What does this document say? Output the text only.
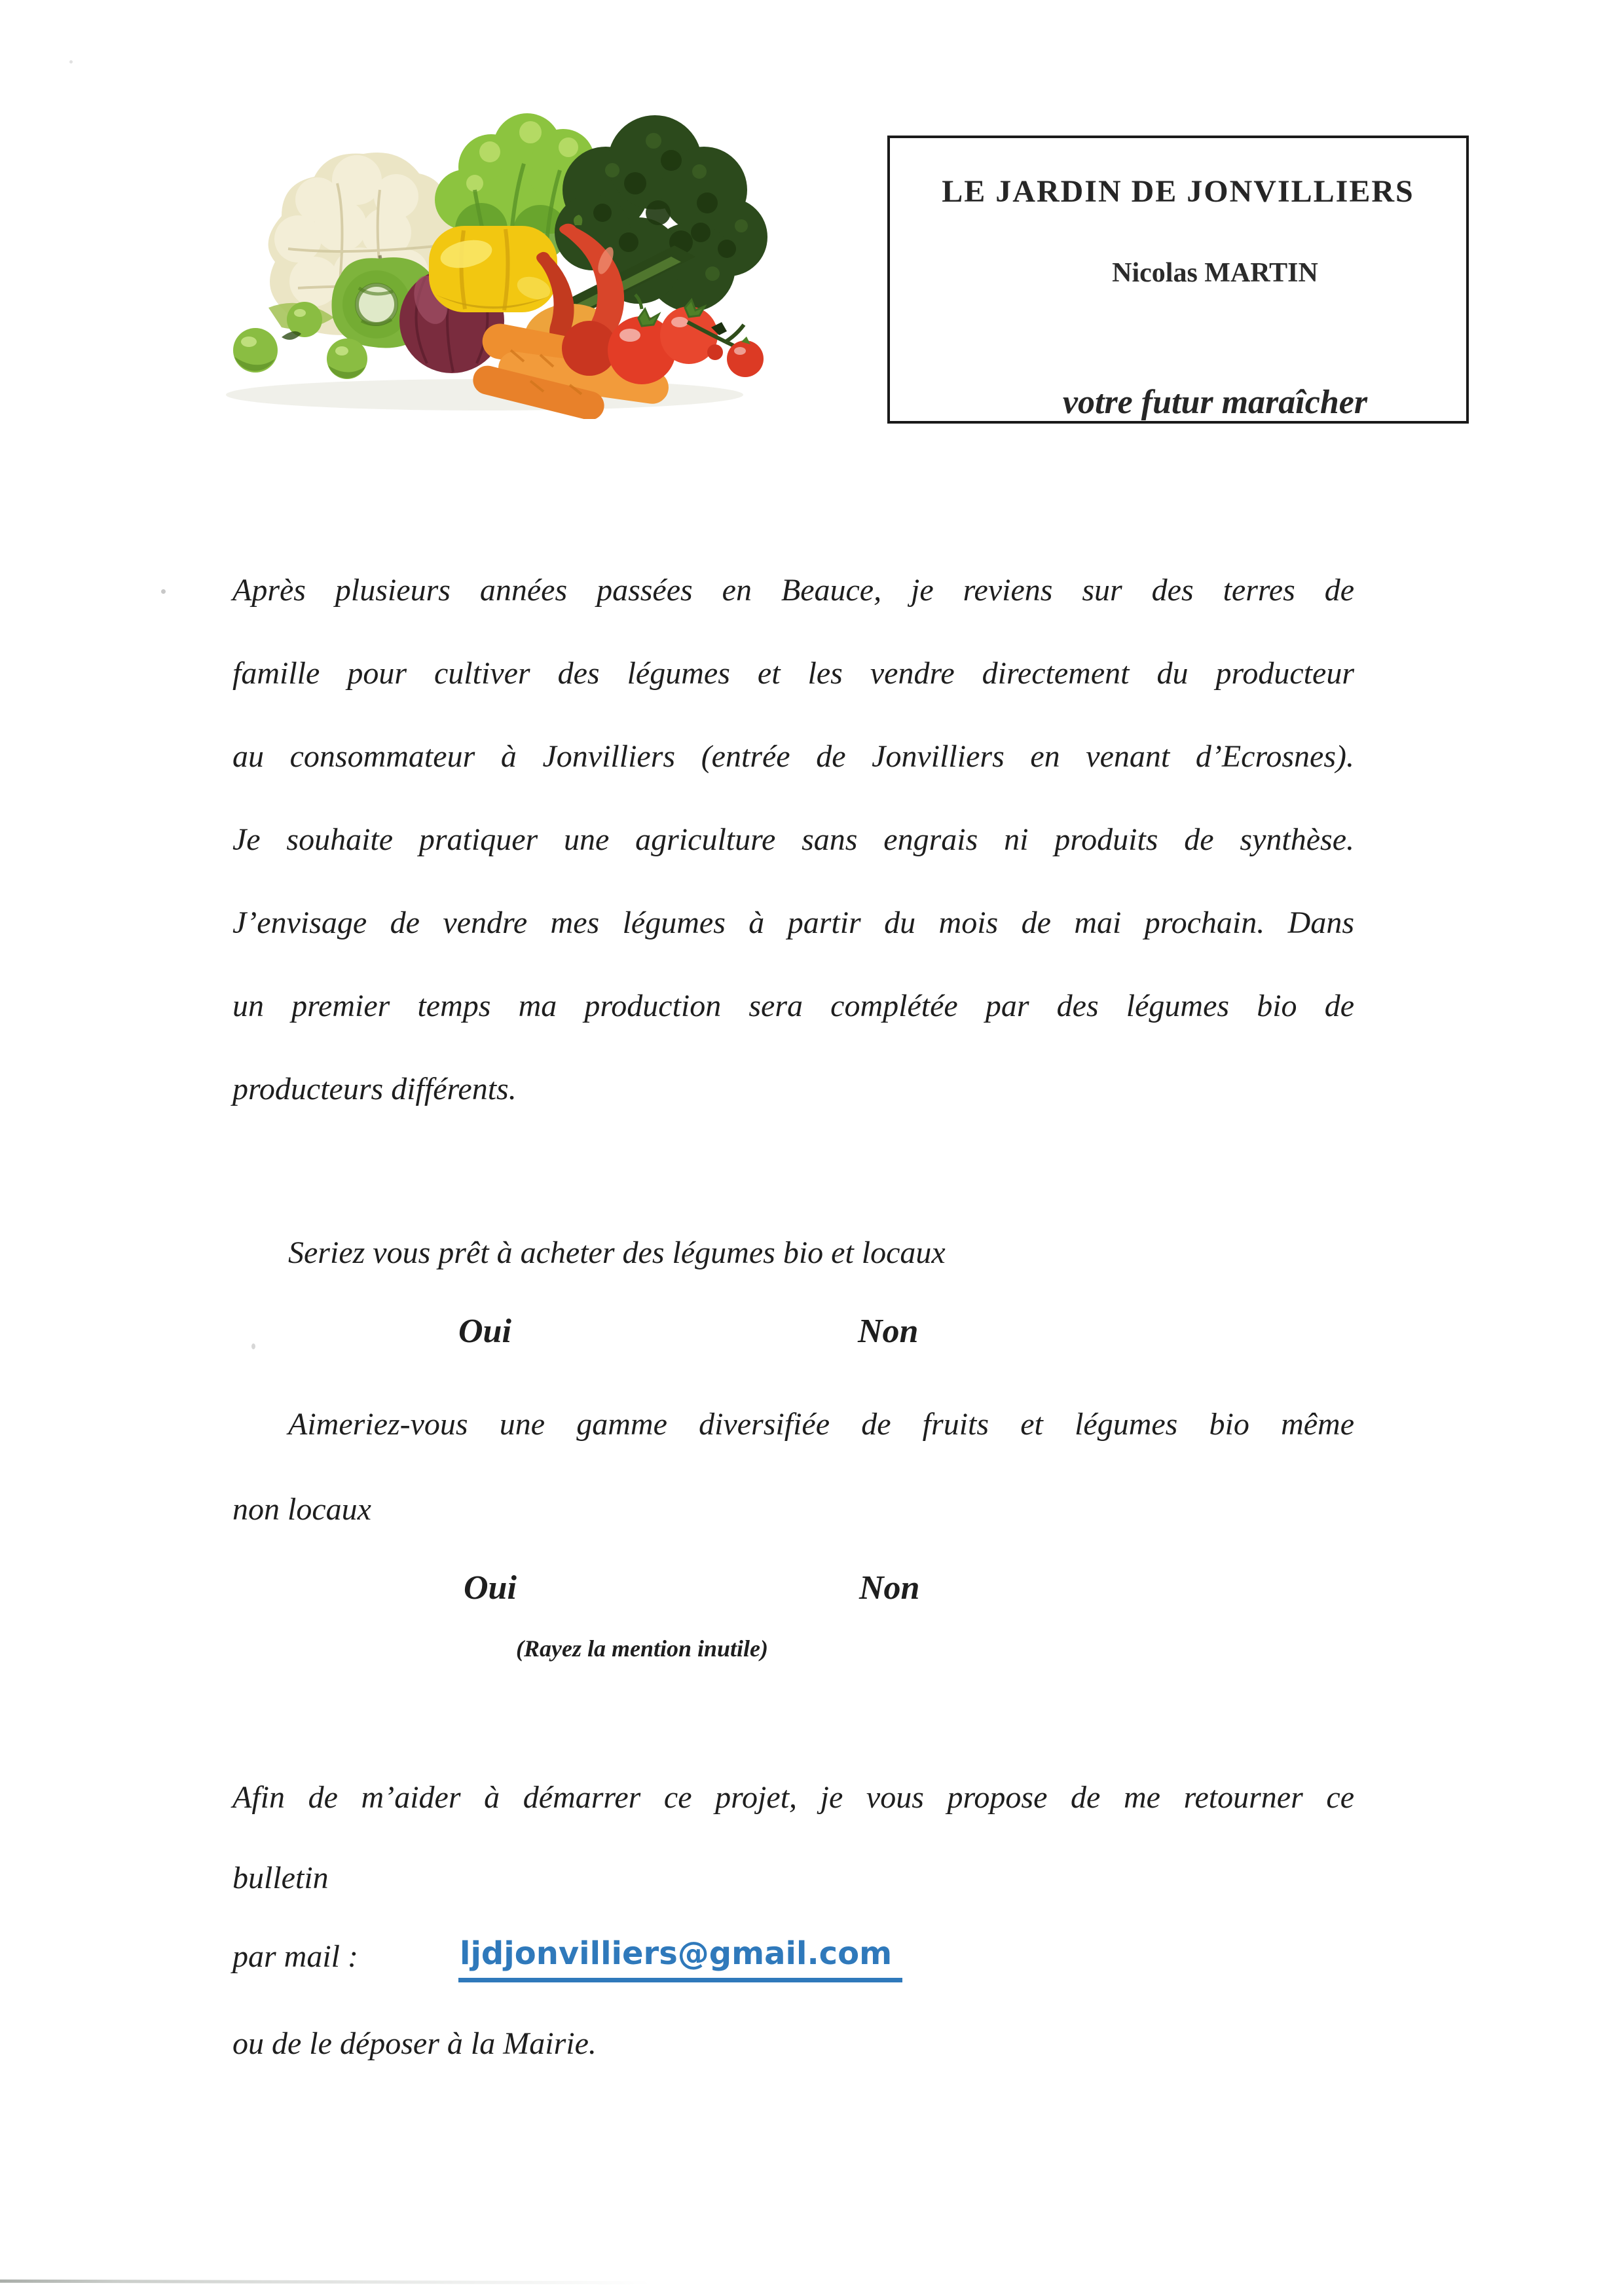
LE JARDIN DE JONVILLIERS
Nicolas MARTIN
votre futur maraîcher
Après plusieurs années passées en Beauce, je reviens sur des terres de
famille pour cultiver des légumes et les vendre directement du producteur
au consommateur à Jonvilliers (entrée de Jonvilliers en venant d’Ecrosnes).
Je souhaite pratiquer une agriculture sans engrais ni produits de synthèse.
J’envisage de vendre mes légumes à partir du mois de mai prochain. Dans
un premier temps ma production sera complétée par des légumes bio de
producteurs différents.
Seriez vous prêt à acheter des légumes bio et locaux
Oui	Non
Aimeriez-vous une gamme diversifiée de fruits et légumes bio même
non locaux
Oui	Non
(Rayez la mention inutile)
Afin de m’aider à démarrer ce projet, je vous propose de me retourner ce
bulletin
par mail :	ljdjonvilliers@gmail.com
ou de le déposer à la Mairie.
